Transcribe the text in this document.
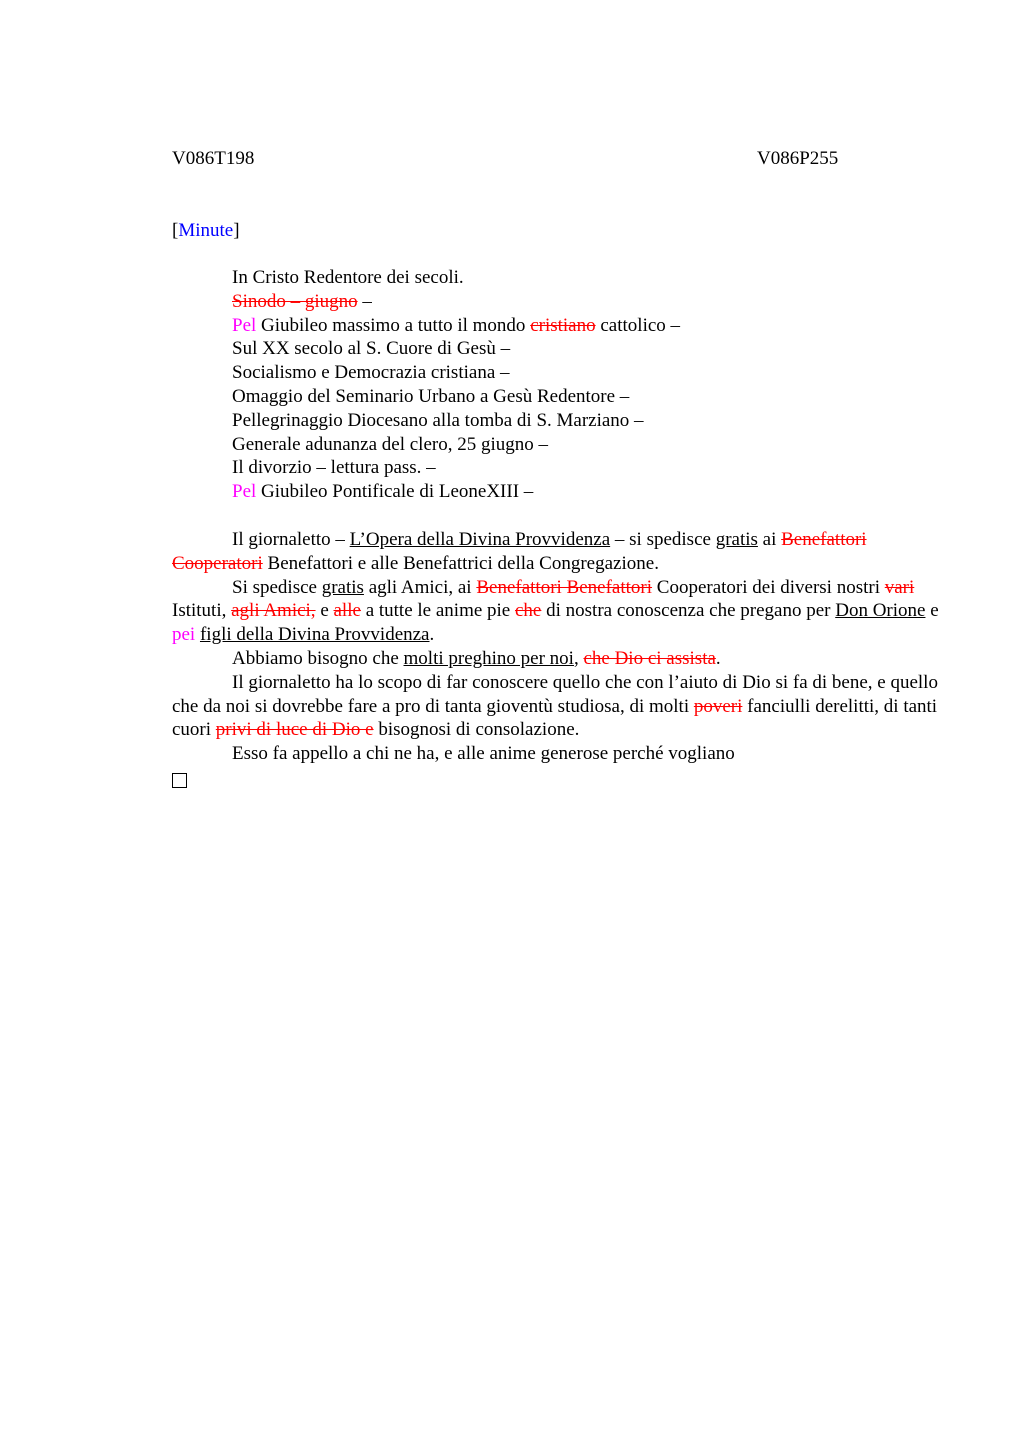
V086T198	V086P255
[Minute]
In Cristo Redentore dei secoli.
Sinodo – giugno –
Pel Giubileo massimo a tutto il mondo cristiano cattolico –
Sul XX secolo al S. Cuore di Gesù –
Socialismo e Democrazia cristiana –
Omaggio del Seminario Urbano a Gesù Redentore –
Pellegrinaggio Diocesano alla tomba di S. Marziano –
Generale adunanza del clero, 25 giugno –
Il divorzio – lettura pass. –
Pel Giubileo Pontificale di LeoneXIII –
Il giornaletto – L’Opera della Divina Provvidenza – si spedisce gratis ai Benefattori Cooperatori Benefattori e alle Benefattrici della Congregazione.
Si spedisce gratis agli Amici, ai Benefattori Benefattori Cooperatori dei diversi nostri vari Istituti, agli Amici, e alle a tutte le anime pie che di nostra conoscenza che pregano per Don Orione e pei figli della Divina Provvidenza.
Abbiamo bisogno che molti preghino per noi, che Dio ci assista.
Il giornaletto ha lo scopo di far conoscere quello che con l’aiuto di Dio si fa di bene, e quello che da noi si dovrebbe fare a pro di tanta gioventù studiosa, di molti poveri fanciulli derelitti, di tanti cuori privi di luce di Dio e bisognosi di consolazione.
Esso fa appello a chi ne ha, e alle anime generose perché vogliano
